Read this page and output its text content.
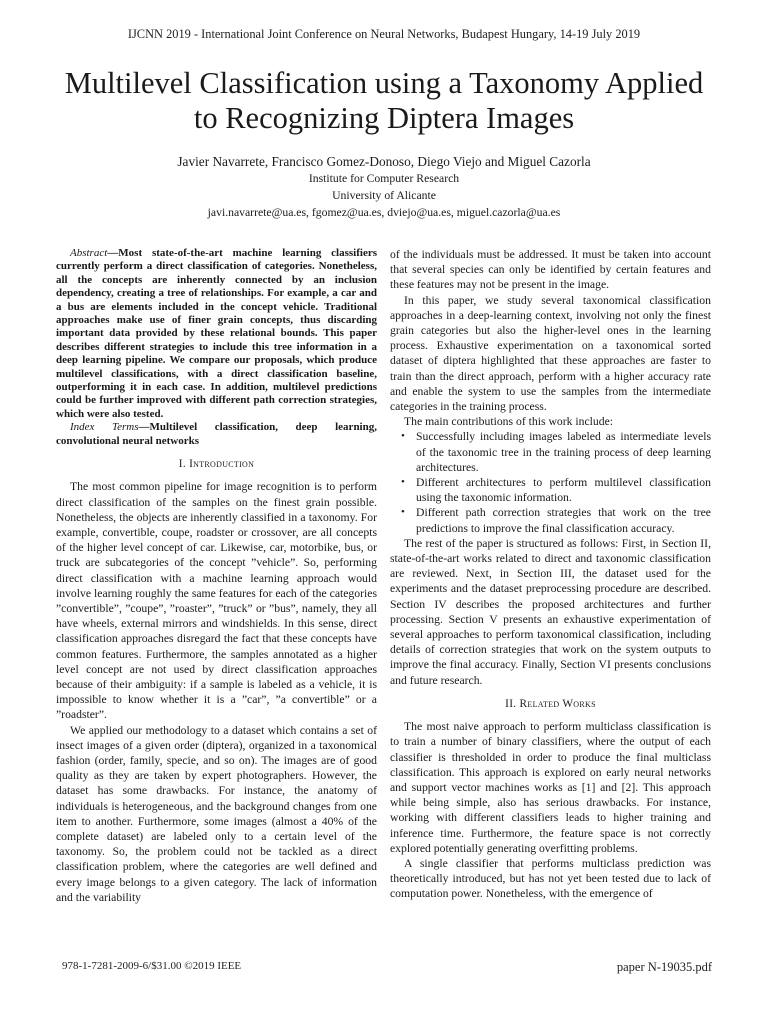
IJCNN 2019 - International Joint Conference on Neural Networks, Budapest Hungary, 14-19 July 2019
Multilevel Classification using a Taxonomy Applied
to Recognizing Diptera Images
Javier Navarrete, Francisco Gomez-Donoso, Diego Viejo and Miguel Cazorla
Institute for Computer Research
University of Alicante
javi.navarrete@ua.es, fgomez@ua.es, dviejo@ua.es, miguel.cazorla@ua.es

Abstract—Most state-of-the-art machine learning classifiers currently perform a direct classification of categories. Nonetheless, all the concepts are inherently connected by an inclusion dependency, creating a tree of relationships. For example, a car and a bus are elements included in the concept vehicle. Traditional approaches make use of finer grain concepts, thus discarding important data provided by these relational bounds. This paper describes different strategies to include this tree information in a deep learning pipeline. We compare our proposals, which produce multilevel classifications, with a direct classification baseline, outperforming it in each case. In addition, multilevel predictions could be further improved with different path correction strategies, which were also tested.

Index Terms—Multilevel classification, deep learning, convolutional neural networks

I. Introduction

The most common pipeline for image recognition is to perform direct classification of the samples on the finest grain possible. Nonetheless, the objects are inherently classified in a taxonomy. For example, convertible, coupe, roadster or crossover, are all concepts of the higher level concept of car. Likewise, car, motorbike, bus, or truck are subcategories of the concept ”vehicle”. So, performing direct classification with a machine learning approach would involve learning roughly the same features for each of the categories ”convertible”, ”coupe”, ”roaster”, ”truck” or ”bus”, namely, they all have wheels, external mirrors and windshields. In this sense, direct classification approaches disregard the fact that these concepts have common features. Furthermore, the samples annotated as a higher level concept are not used by direct classification approaches because of their ambiguity: if a sample is labeled as a vehicle, it is impossible to know whether it is a ”car”, ”a convertible” or a ”roadster”.

We applied our methodology to a dataset which contains a set of insect images of a given order (diptera), organized in a taxonomical fashion (order, family, specie, and so on). The images are of good quality as they are taken by expert photographers. However, the dataset has some drawbacks. For instance, the anatomy of individuals is heterogeneous, and the background changes from one item to another. Furthermore, some images (almost a 40% of the complete dataset) are labeled only to a certain level of the taxonomy. So, the problem could not be tackled as a direct classification problem, where the categories are well defined and every image belongs to a given category. The lack of information and the variability

of the individuals must be addressed. It must be taken into account that several species can only be identified by certain features and these features may not be present in the image.

In this paper, we study several taxonomical classification approaches in a deep-learning context, involving not only the finest grain categories but also the higher-level ones in the learning process. Exhaustive experimentation on a taxonomical sorted dataset of diptera highlighted that these approaches are faster to train than the direct approach, perform with a higher accuracy rate and enable the system to use the samples from the intermediate categories in the training process.

The main contributions of this work include:

• Successfully including images labeled as intermediate levels of the taxonomic tree in the training process of deep learning architectures.
• Different architectures to perform multilevel classification using the taxonomic information.
• Different path correction strategies that work on the tree predictions to improve the final classification accuracy.

The rest of the paper is structured as follows: First, in Section II, state-of-the-art works related to direct and taxonomic classification are reviewed. Next, in Section III, the dataset used for the experiments and the dataset preprocessing procedure are described. Section IV describes the proposed architectures and further processing. Section V presents an exhaustive experimentation of several approaches to perform taxonomical classification, including details of correction strategies that work on the system outputs to improve the final accuracy. Finally, Section VI presents conclusions and future research.

II. Related Works

The most naive approach to perform multiclass classification is to train a number of binary classifiers, where the output of each classifier is thresholded in order to produce the final multiclass classification. This approach is explored on early neural networks and support vector machines works as [1] and [2]. This approach while being simple, also has serious drawbacks. For instance, working with different classifiers leads to higher training and inference time. Furthermore, the feature space is not correctly explored potentially generating overfitting problems.

A single classifier that performs multiclass prediction was theoretically introduced, but has not yet been tested due to lack of computation power. Nonetheless, with the emergence of

978-1-7281-2009-6/$31.00 ©2019 IEEE	paper N-19035.pdf
